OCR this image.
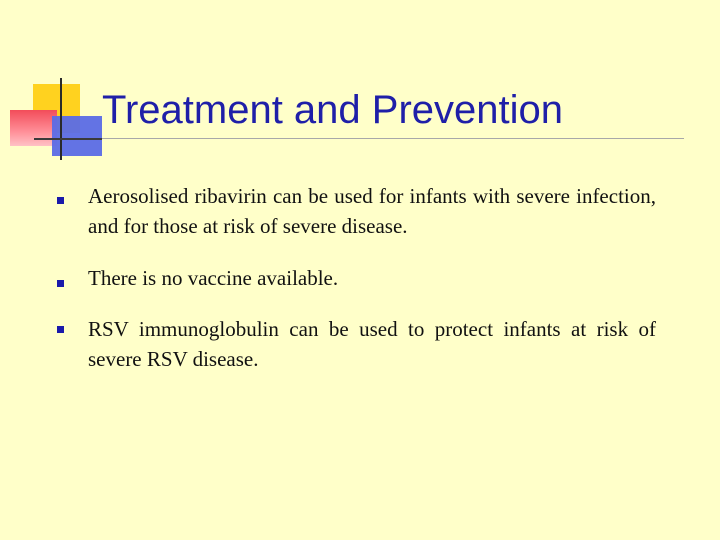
Treatment and Prevention
Aerosolised ribavirin can be used for infants with severe infection, and for those at risk of severe disease.
There is no vaccine available.
RSV immunoglobulin can be used to protect infants at risk of severe RSV disease.
